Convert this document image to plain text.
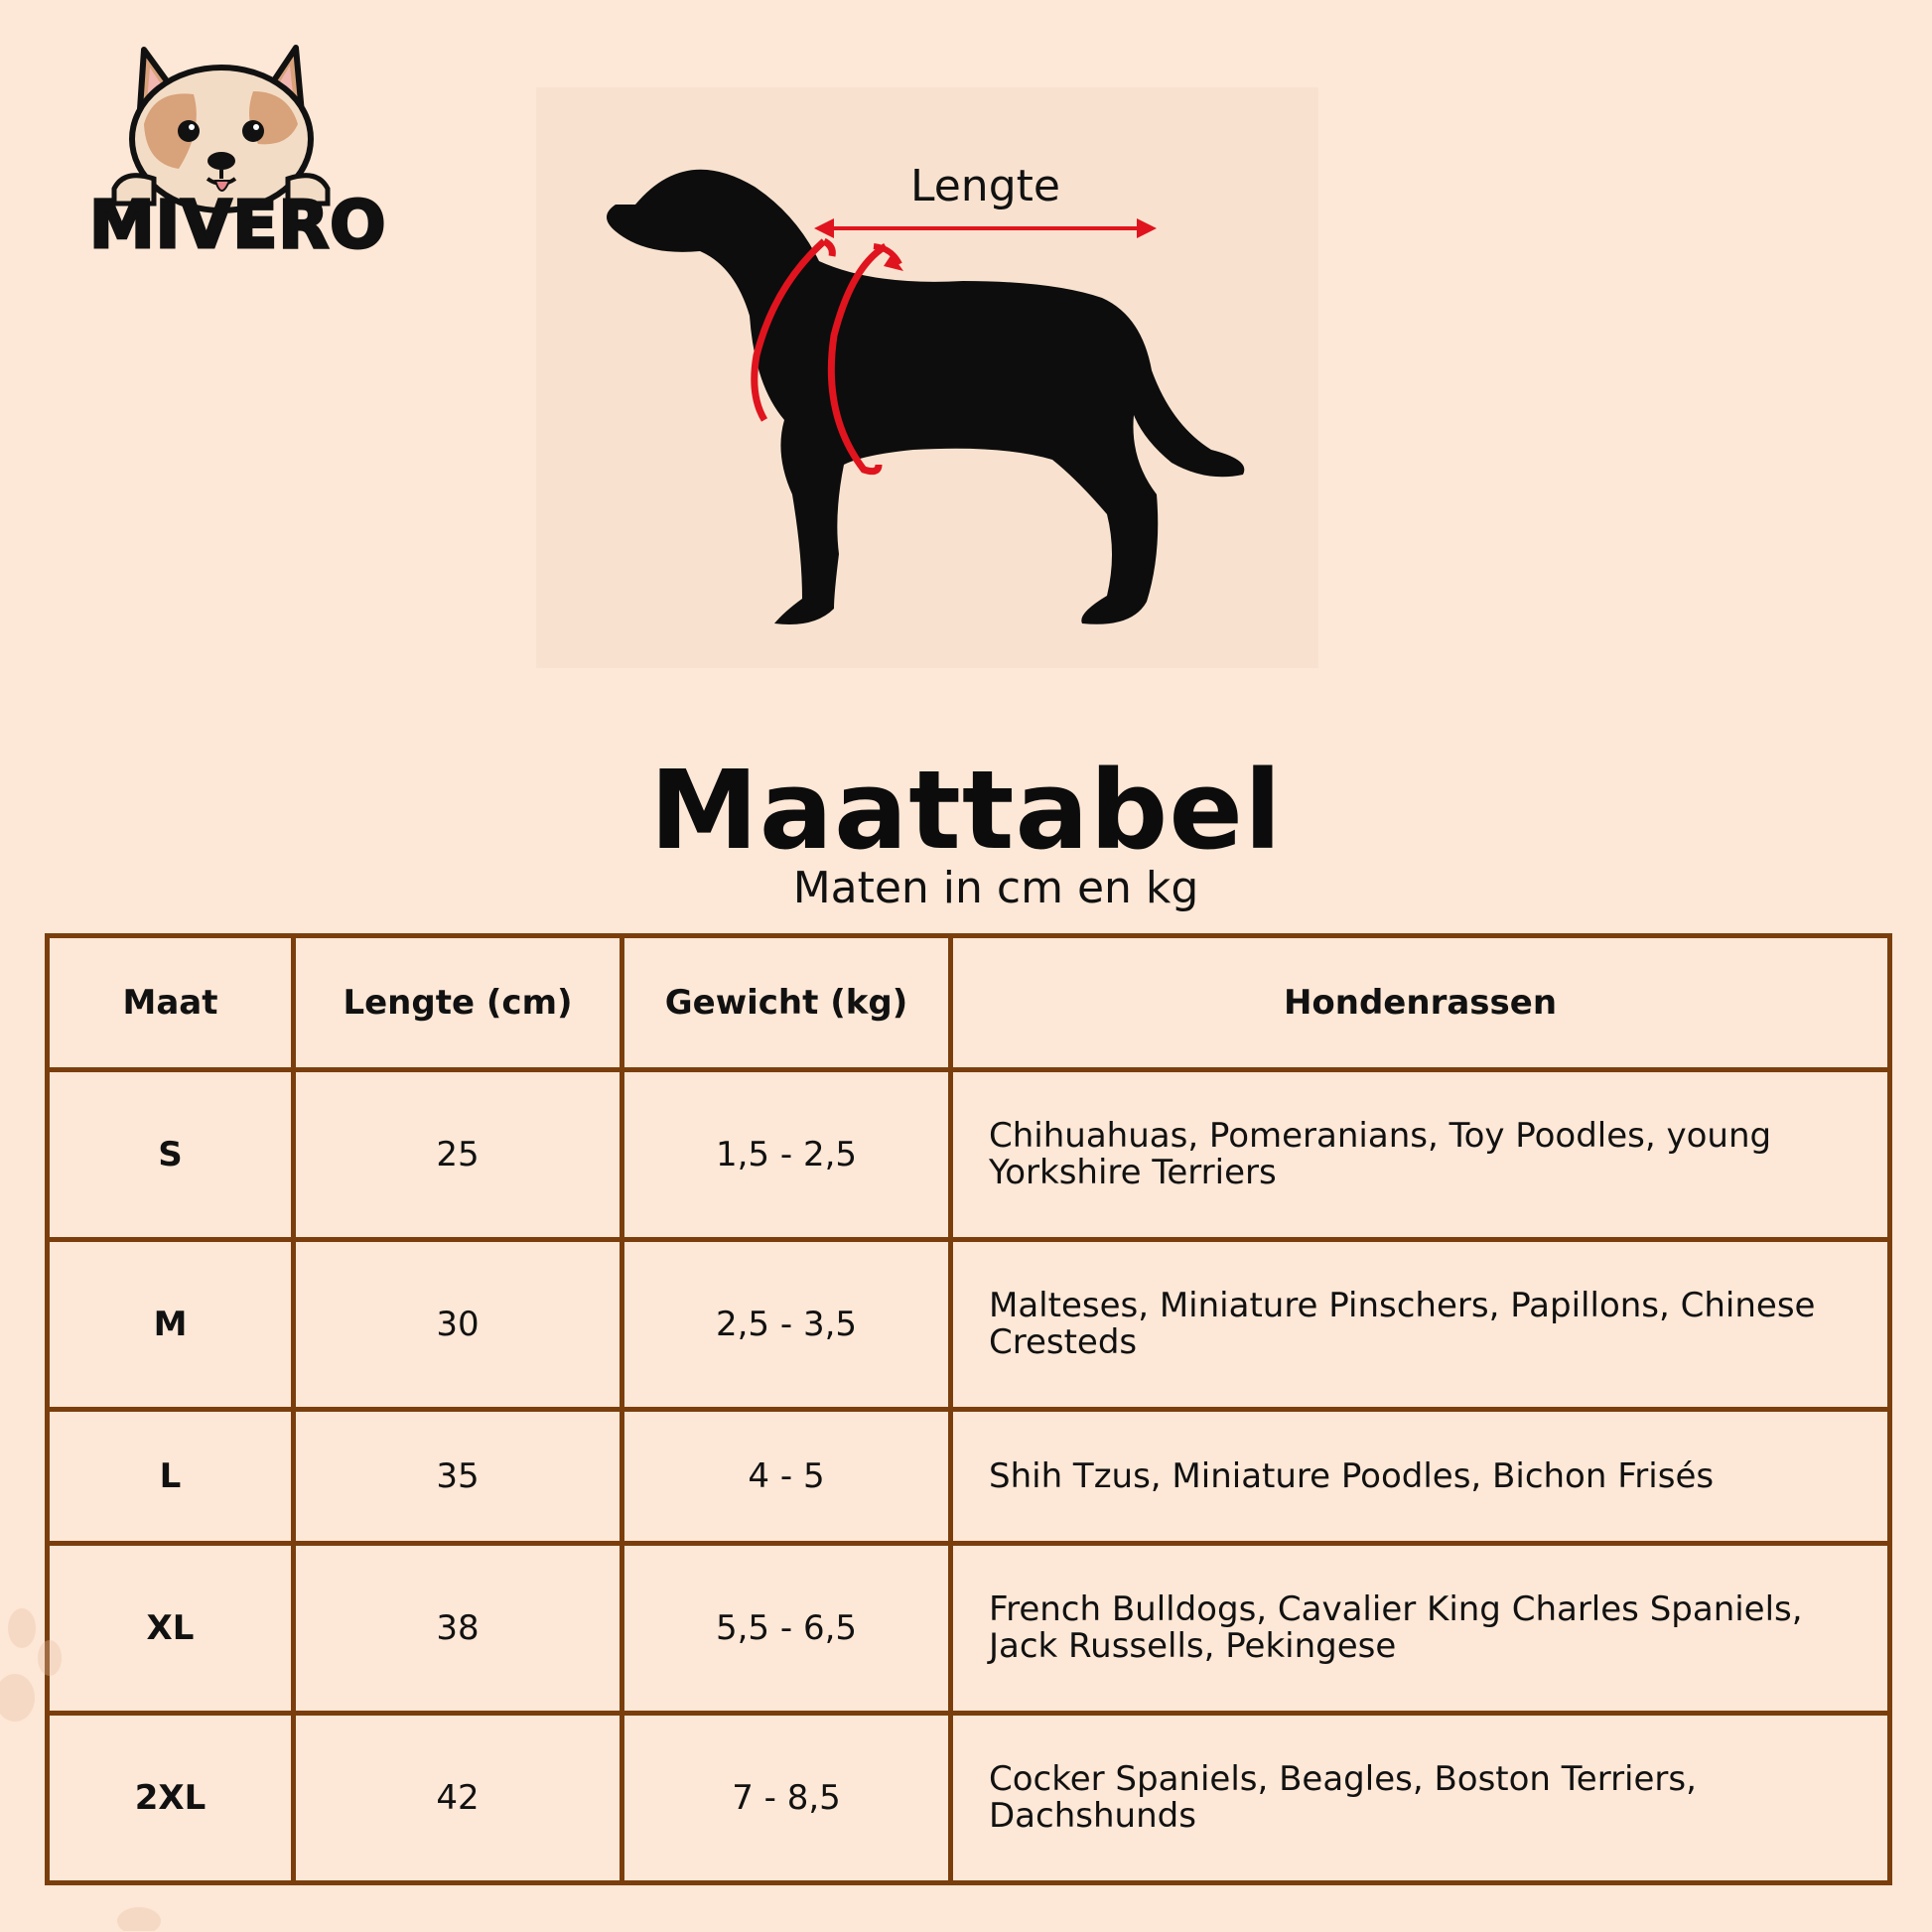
MIVERO
Lengte
Maattabel
Maten in cm en kg
Maat	Lengte (cm)	Gewicht (kg)	Hondenrassen
S	25	1,5 - 2,5	Chihuahuas, Pomeranians, Toy Poodles, young Yorkshire Terriers
M	30	2,5 - 3,5	Malteses, Miniature Pinschers, Papillons, Chinese Cresteds
L	35	4 - 5	Shih Tzus, Miniature Poodles, Bichon Frisés
XL	38	5,5 - 6,5	French Bulldogs, Cavalier King Charles Spaniels, Jack Russells, Pekingese
2XL	42	7 - 8,5	Cocker Spaniels, Beagles, Boston Terriers, Dachshunds
